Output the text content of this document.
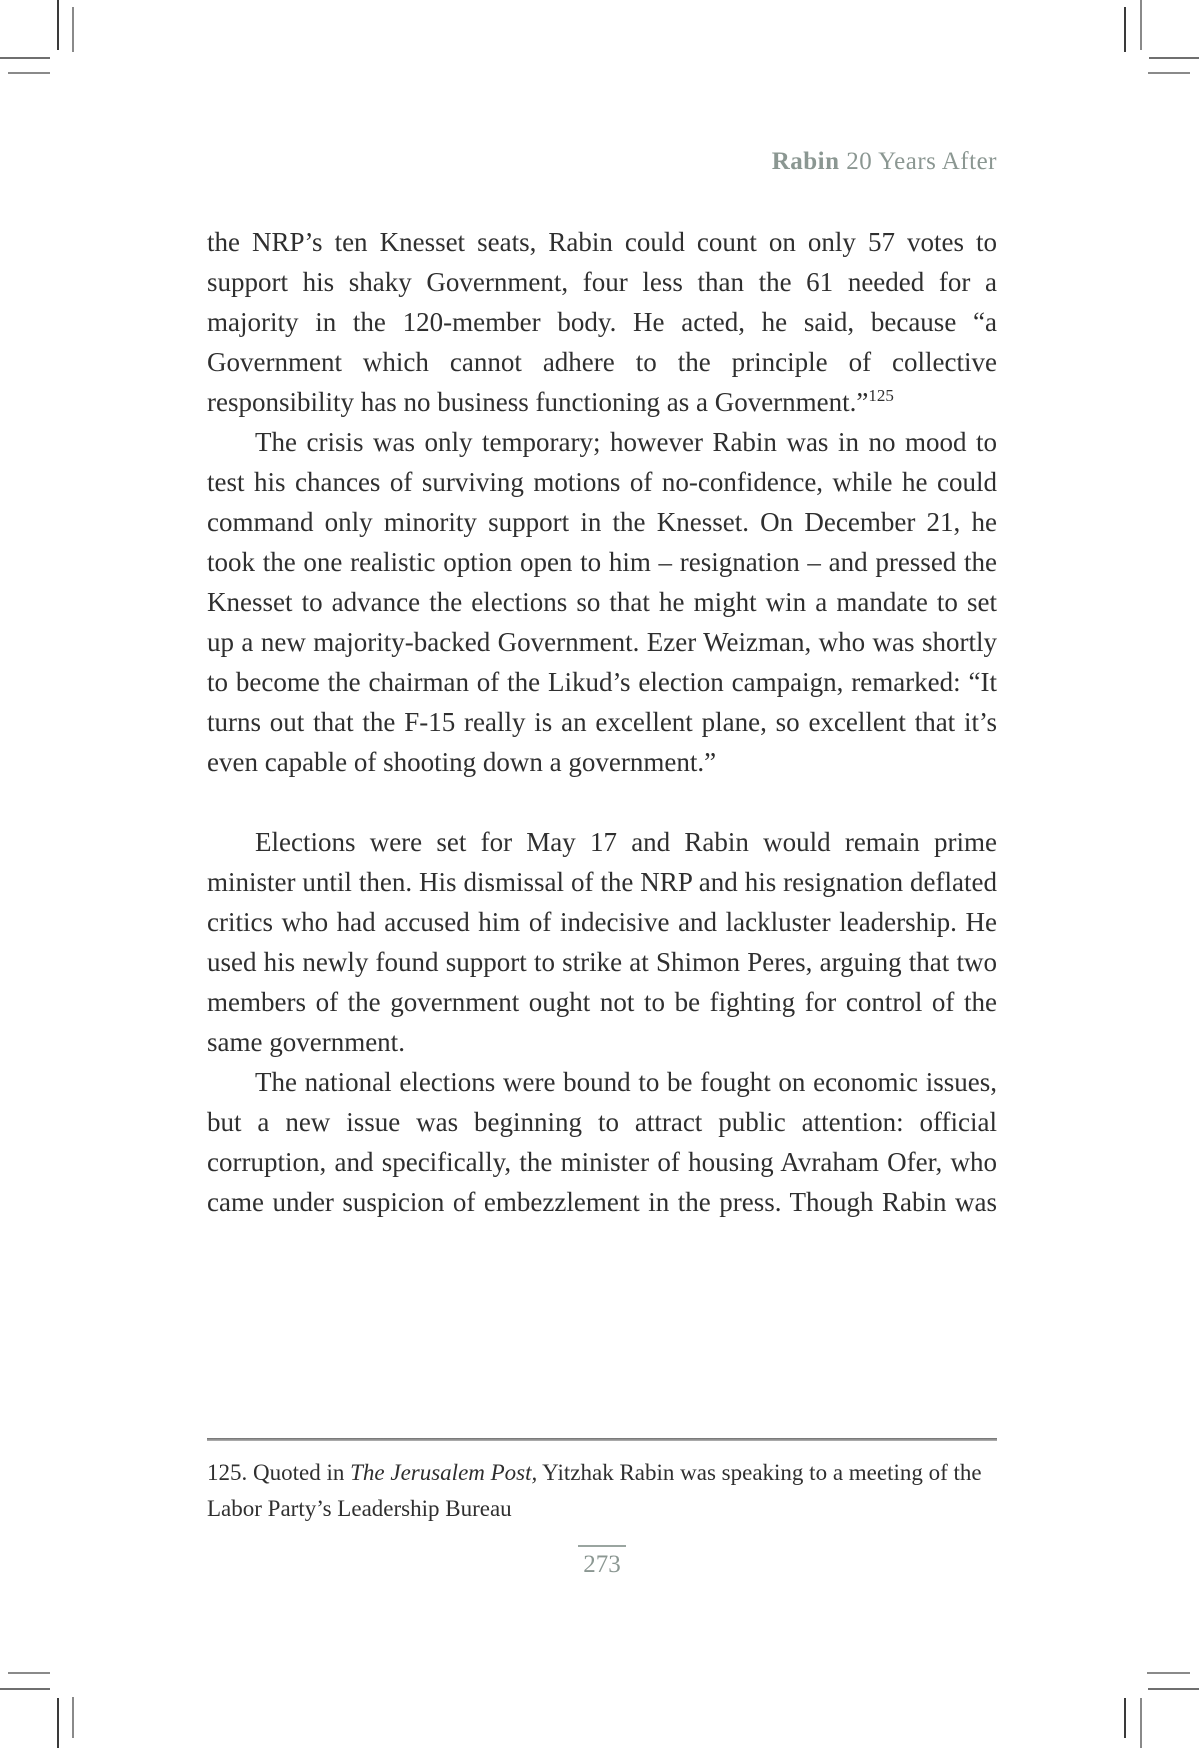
Rabin 20 Years After

the NRP’s ten Knesset seats, Rabin could count on only 57 votes to support his shaky Government, four less than the 61 needed for a majority in the 120-member body. He acted, he said, because “a Government which cannot adhere to the principle of collective responsibility has no business functioning as a Government.”$^{125}$

The crisis was only temporary; however Rabin was in no mood to test his chances of surviving motions of no-confidence, while he could command only minority support in the Knesset. On December 21, he took the one realistic option open to him – resignation – and pressed the Knesset to advance the elections so that he might win a mandate to set up a new majority-backed Government. Ezer Weizman, who was shortly to become the chairman of the Likud’s election campaign, remarked: “It turns out that the F-15 really is an excellent plane, so excellent that it’s even capable of shooting down a government.”

Elections were set for May 17 and Rabin would remain prime minister until then. His dismissal of the NRP and his resignation deflated critics who had accused him of indecisive and lackluster leadership. He used his newly found support to strike at Shimon Peres, arguing that two members of the government ought not to be fighting for control of the same government.

The national elections were bound to be fought on economic issues, but a new issue was beginning to attract public attention: official corruption, and specifically, the minister of housing Avraham Ofer, who came under suspicion of embezzlement in the press. Though Rabin was

125. Quoted in The Jerusalem Post, Yitzhak Rabin was speaking to a meeting of the Labor Party’s Leadership Bureau
273
